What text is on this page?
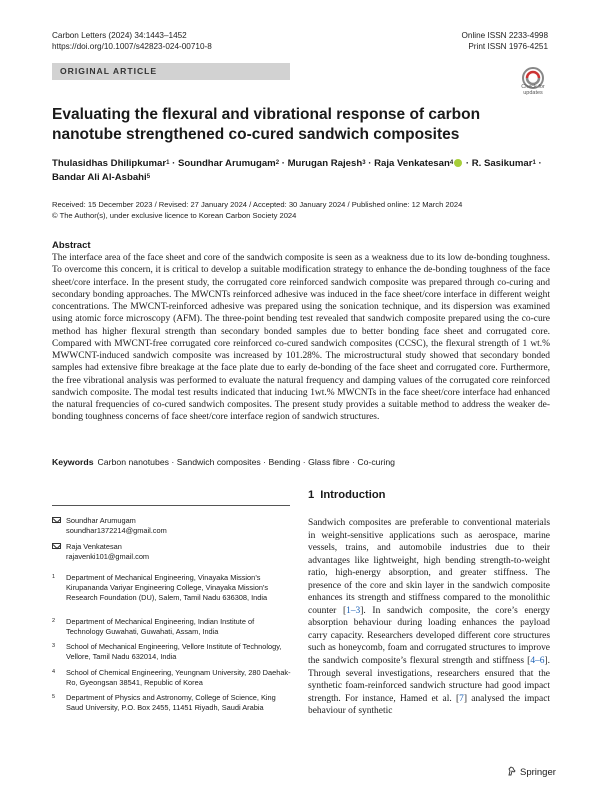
Carbon Letters (2024) 34:1443–1452
https://doi.org/10.1007/s42823-024-00710-8
Online ISSN 2233-4998
Print ISSN 1976-4251
ORIGINAL ARTICLE
Check for updates
Evaluating the flexural and vibrational response of carbon nanotube strengthened co-cured sandwich composites
Thulasidhas Dhilipkumar$^1$ · Soundhar Arumugam$^2$ · Murugan Rajesh$^3$ · Raja Venkatesan$^4$ · R. Sasikumar$^1$ ·
Bandar Ali Al-Asbahi$^5$
Received: 15 December 2023 / Revised: 27 January 2024 / Accepted: 30 January 2024 / Published online: 12 March 2024
© The Author(s), under exclusive licence to Korean Carbon Society 2024
Abstract

The interface area of the face sheet and core of the sandwich composite is seen as a weakness due to its low de-bonding toughness. To overcome this concern, it is critical to develop a suitable modification strategy to enhance the de-bonding toughness of the face sheet/core interface. In the present study, the corrugated core reinforced sandwich composite was prepared through co-curing and secondary bonding approaches. The MWCNTs reinforced adhesive was induced in the face sheet/core interface in different weight concentrations. The MWCNT-reinforced adhesive was prepared using the sonication technique, and its dispersion was examined using atomic force microscopy (AFM). The three-point bending test revealed that sandwich composite prepared using the co-cure method has higher flexural strength than secondary bonded samples due to better bonding face sheet and corrugated core. Compared with MWCNT-free corrugated core reinforced co-cured sandwich composites (CCSC), the flexural strength of 1 wt.% MWWCNT-induced sandwich composite was increased by 101.28%. The microstructural study showed that secondary bonded samples had extensive fibre breakage at the face plate due to early de-bonding of the face sheet and corrugated core. Furthermore, the free vibrational analysis was performed to evaluate the natural frequency and damping values of the corrugated core reinforced sandwich composite. The modal test results indicated that inducing 1wt.% MWCNTs in the face sheet/core interface had enhanced the natural frequencies of co-cured sandwich composites. The present study provides a suitable method to address the weaker de-bonding toughness concerns of face sheet/core interface region of sandwich structures.

Keywords Carbon nanotubes · Sandwich composites · Bending · Glass fibre · Co-curing
Soundhar Arumugam
soundhar1372214@gmail.com
Raja Venkatesan
rajavenki101@gmail.com
1 Department of Mechanical Engineering, Vinayaka Mission’s Kirupananda Variyar Engineering College, Vinayaka Mission’s Research Foundation (DU), Salem, Tamil Nadu 636308, India
2 Department of Mechanical Engineering, Indian Institute of Technology Guwahati, Guwahati, Assam, India
3 School of Mechanical Engineering, Vellore Institute of Technology, Vellore, Tamil Nadu 632014, India
4 School of Chemical Engineering, Yeungnam University, 280 Daehak-Ro, Gyeongsan 38541, Republic of Korea
5 Department of Physics and Astronomy, College of Science, King Saud University, P.O. Box 2455, 11451 Riyadh, Saudi Arabia
1 Introduction

Sandwich composites are preferable to conventional materials in weight-sensitive applications such as aerospace, marine vessels, trains, and automobile industries due to their advantages like lightweight, high bending strength-to-weight ratio, high-energy absorption, and greater stiffness. The presence of the core and skin layer in the sandwich composite enhances its strength and stiffness compared to the monolithic counter [1–3]. In sandwich composite, the core’s energy absorption behaviour during loading enhances the payload carry capacity. Researchers developed different core structures such as honeycomb, foam and corrugated structures to improve the sandwich composite’s flexural strength and stiffness [4–6]. Through several investigations, researchers ensured that the synthetic foam-reinforced sandwich structure had good impact strength. For instance, Hamed et al. [7] analysed the impact behaviour of synthetic

Springer
